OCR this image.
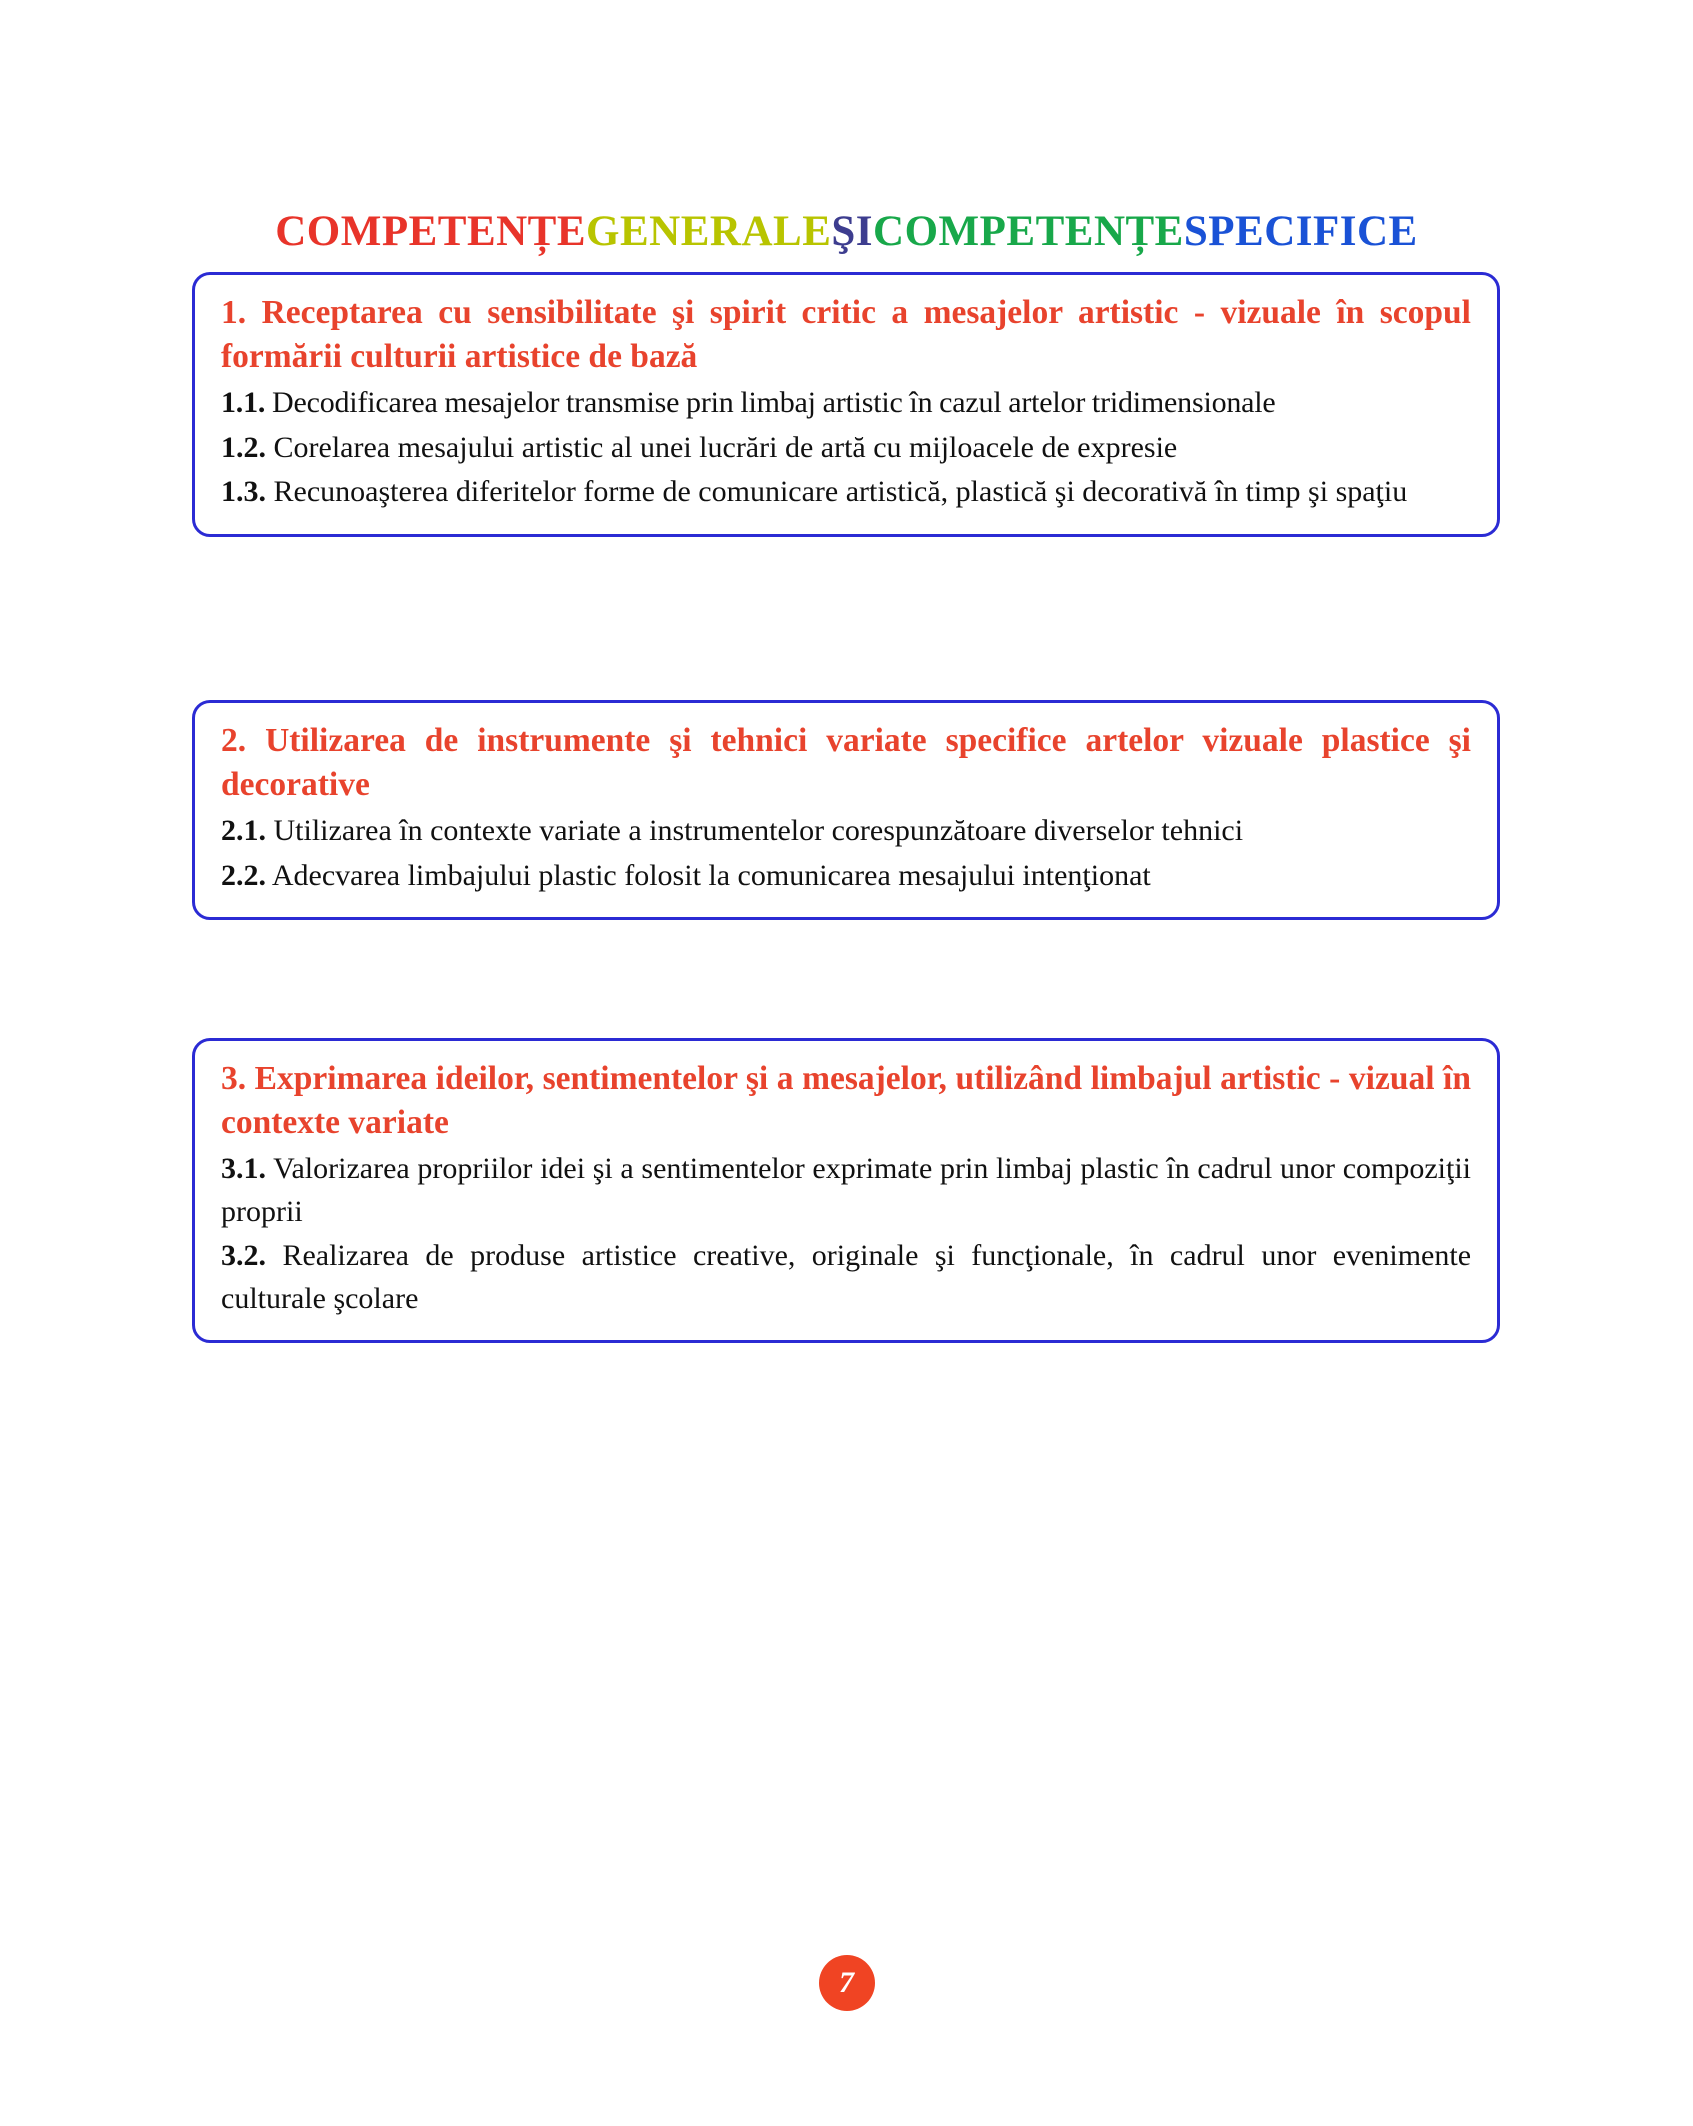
COMPETENȚEGENERALEŞICOMPETENȚESPECIFICE

1. Receptarea cu sensibilitate şi spirit critic a mesajelor artistic - vizuale în scopul formării culturii artistice de bază

1.1. Decodificarea mesajelor transmise prin limbaj artistic în cazul artelor tridimensionale

1.2. Corelarea mesajului artistic al unei lucrări de artă cu mijloacele de expresie

1.3. Recunoaşterea diferitelor forme de comunicare artistică, plastică şi decorativă în timp şi spaţiu

2. Utilizarea de instrumente şi tehnici variate specifice artelor vizuale plastice şi decorative

2.1. Utilizarea în contexte variate a instrumentelor corespunzătoare diverselor tehnici

2.2. Adecvarea limbajului plastic folosit la comunicarea mesajului intenţionat

3. Exprimarea ideilor, sentimentelor şi a mesajelor, utilizând limbajul artistic - vizual în contexte variate

3.1. Valorizarea propriilor idei şi a sentimentelor exprimate prin limbaj plastic în cadrul unor compoziţii proprii

3.2. Realizarea de produse artistice creative, originale şi funcţionale, în cadrul unor evenimente culturale şcolare

7
